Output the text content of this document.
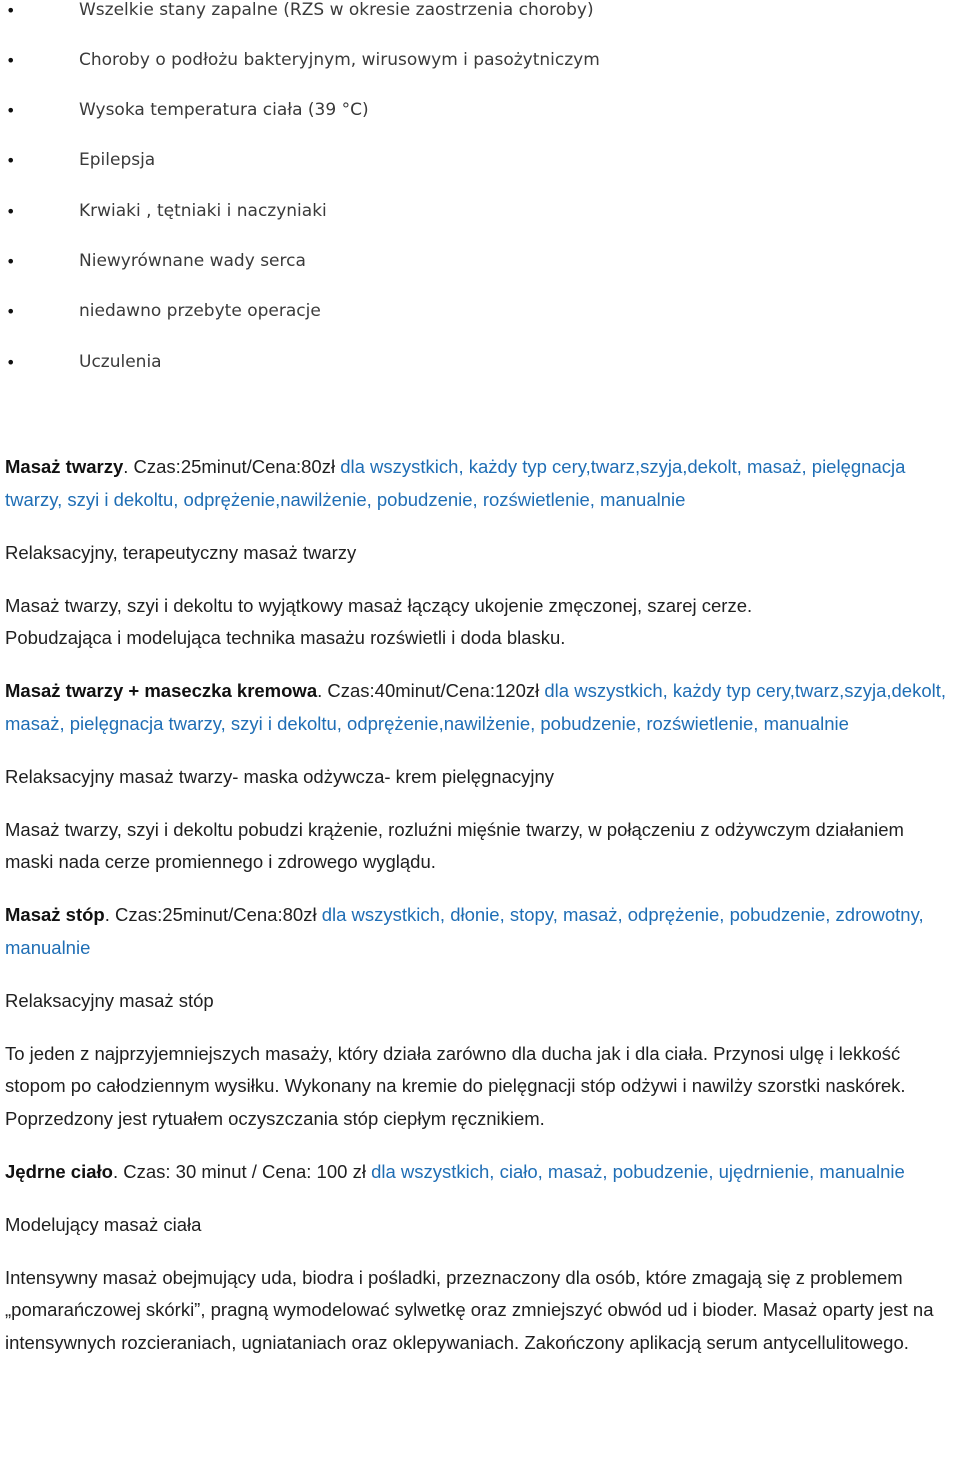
•	Wszelkie stany zapalne (RZS w okresie zaostrzenia choroby)
•	Choroby o podłożu bakteryjnym, wirusowym i pasożytniczym
•	Wysoka temperatura ciała (39 °C)
•	Epilepsja
•	Krwiaki , tętniaki i naczyniaki
•	Niewyrównane wady serca
•	niedawno przebyte operacje
•	Uczulenia

Masaż twarzy. Czas:25minut/Cena:80zł dla wszystkich, każdy typ cery,twarz,szyja,dekolt, masaż, pielęgnacja twarzy, szyi i dekoltu, odprężenie,nawilżenie, pobudzenie, rozświetlenie, manualnie

Relaksacyjny, terapeutyczny masaż twarzy

Masaż twarzy, szyi i dekoltu to wyjątkowy masaż łączący ukojenie zmęczonej, szarej cerze.

Pobudzająca i modelująca technika masażu rozświetli i doda blasku.

Masaż twarzy + maseczka kremowa. Czas:40minut/Cena:120zł dla wszystkich, każdy typ cery,twarz,szyja,dekolt, masaż, pielęgnacja twarzy, szyi i dekoltu, odprężenie,nawilżenie, pobudzenie, rozświetlenie, manualnie

Relaksacyjny masaż twarzy- maska odżywcza- krem pielęgnacyjny

Masaż twarzy, szyi i dekoltu pobudzi krążenie, rozluźni mięśnie twarzy, w połączeniu z odżywczym działaniem maski nada cerze promiennego i zdrowego wyglądu.

Masaż stóp. Czas:25minut/Cena:80zł dla wszystkich, dłonie, stopy, masaż, odprężenie, pobudzenie, zdrowotny, manualnie

Relaksacyjny masaż stóp

To jeden z najprzyjemniejszych masaży, który działa zarówno dla ducha jak i dla ciała. Przynosi ulgę i lekkość stopom po całodziennym wysiłku. Wykonany na kremie do pielęgnacji stóp odżywi i nawilży szorstki naskórek. Poprzedzony jest rytuałem oczyszczania stóp ciepłym ręcznikiem.

Jędrne ciało. Czas: 30 minut / Cena: 100 zł dla wszystkich, ciało, masaż, pobudzenie, ujędrnienie, manualnie

Modelujący masaż ciała

Intensywny masaż obejmujący uda, biodra i pośladki, przeznaczony dla osób, które zmagają się z problemem „pomarańczowej skórki”, pragną wymodelować sylwetkę oraz zmniejszyć obwód ud i bioder. Masaż oparty jest na intensywnych rozcieraniach, ugniataniach oraz oklepywaniach. Zakończony aplikacją serum antycellulitowego.
